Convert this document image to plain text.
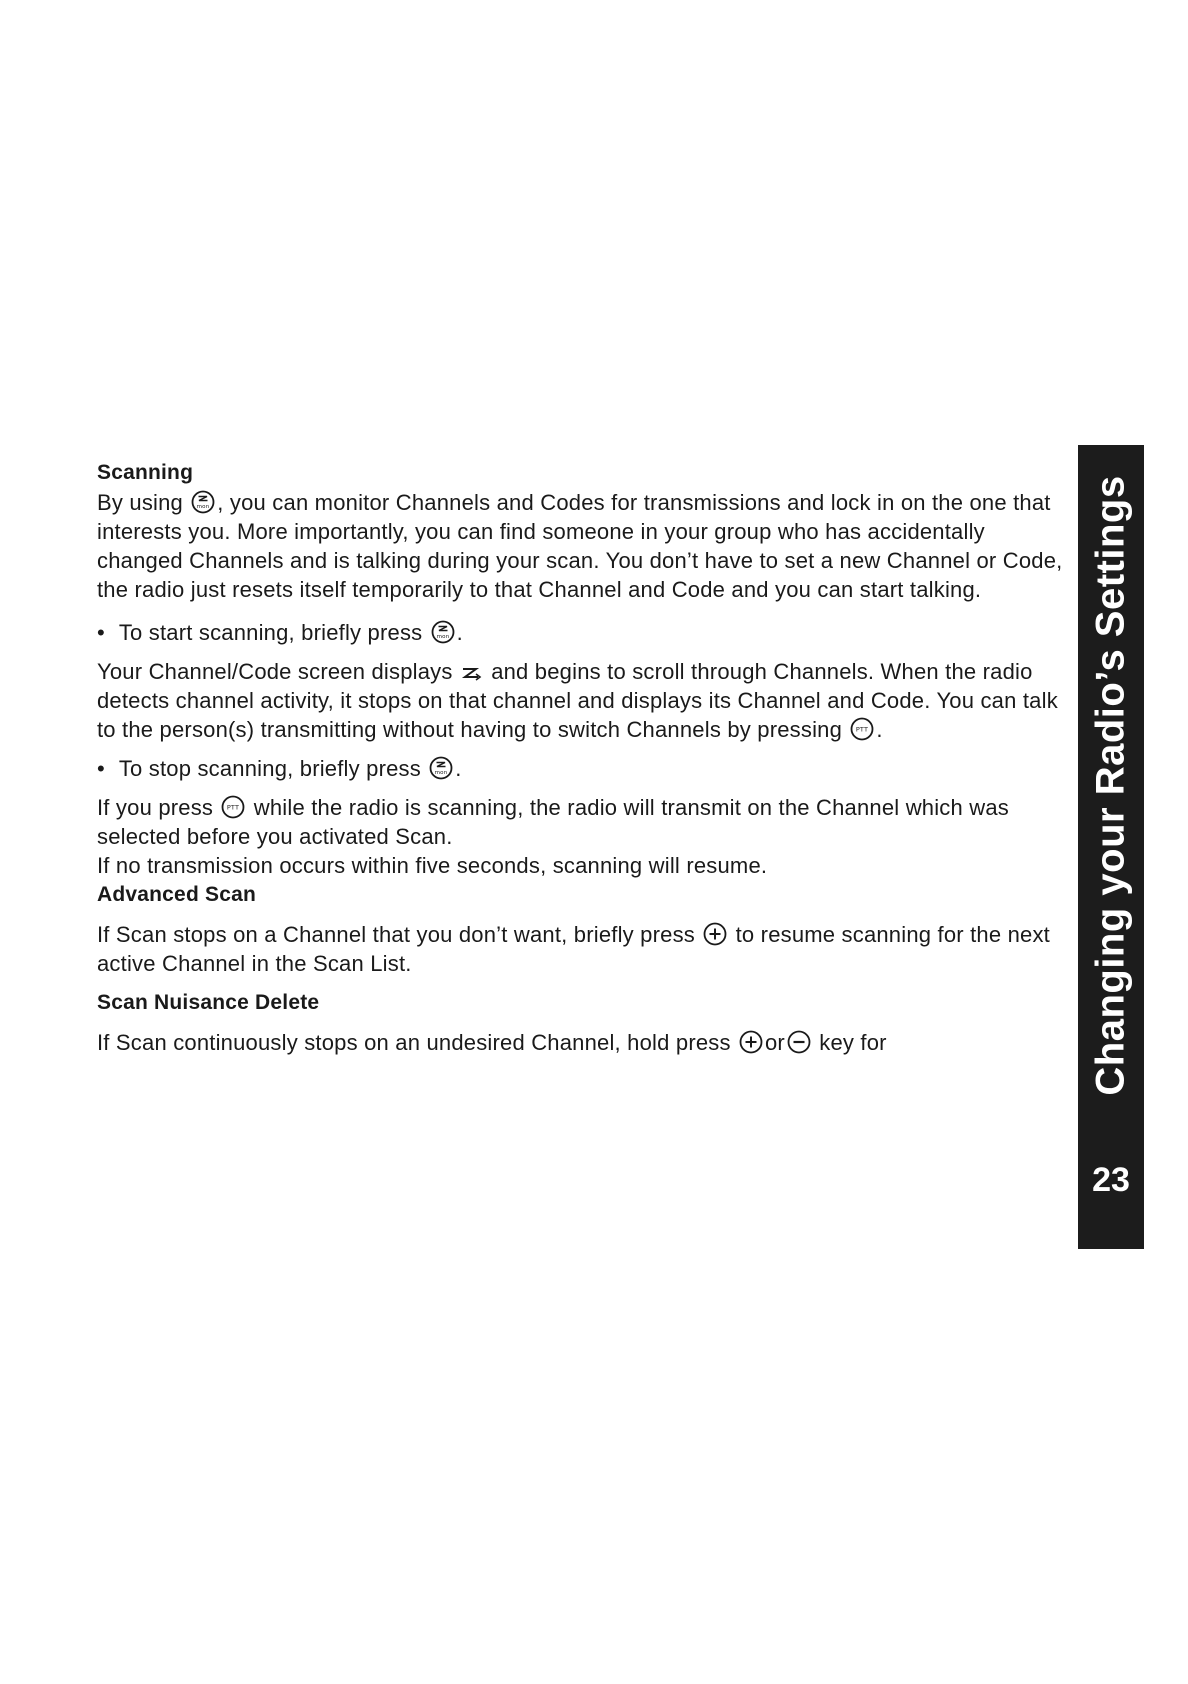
Scanning

By using	mon , you can monitor Channels and Codes for transmissions and lock in on the one that interests you. More importantly, you can find someone in your group who has accidentally changed Channels and is talking during your scan. You don’t have to set a new Channel or Code, the radio just resets itself temporarily to that Channel and Code and you can start talking.

• To start scanning, briefly press	mon .

Your Channel/Code screen displays and begins to scroll through Channels. When the radio detects channel activity, it stops on that channel and displays its Channel and Code. You can talk to the person(s) transmitting without having to switch Channels by pressing PTT .

• To stop scanning, briefly press	mon .

If you press PTT while the radio is scanning, the radio will transmit on the Channel which was selected before you activated Scan.

If no transmission occurs within five seconds, scanning will resume.

Advanced Scan

If Scan stops on a Channel that you don’t want, briefly press to resume scanning for the next active Channel in the Scan List.

Scan Nuisance Delete

If Scan continuously stops on an undesired Channel, hold press or key for	Changing your Radio’s Settings
23
